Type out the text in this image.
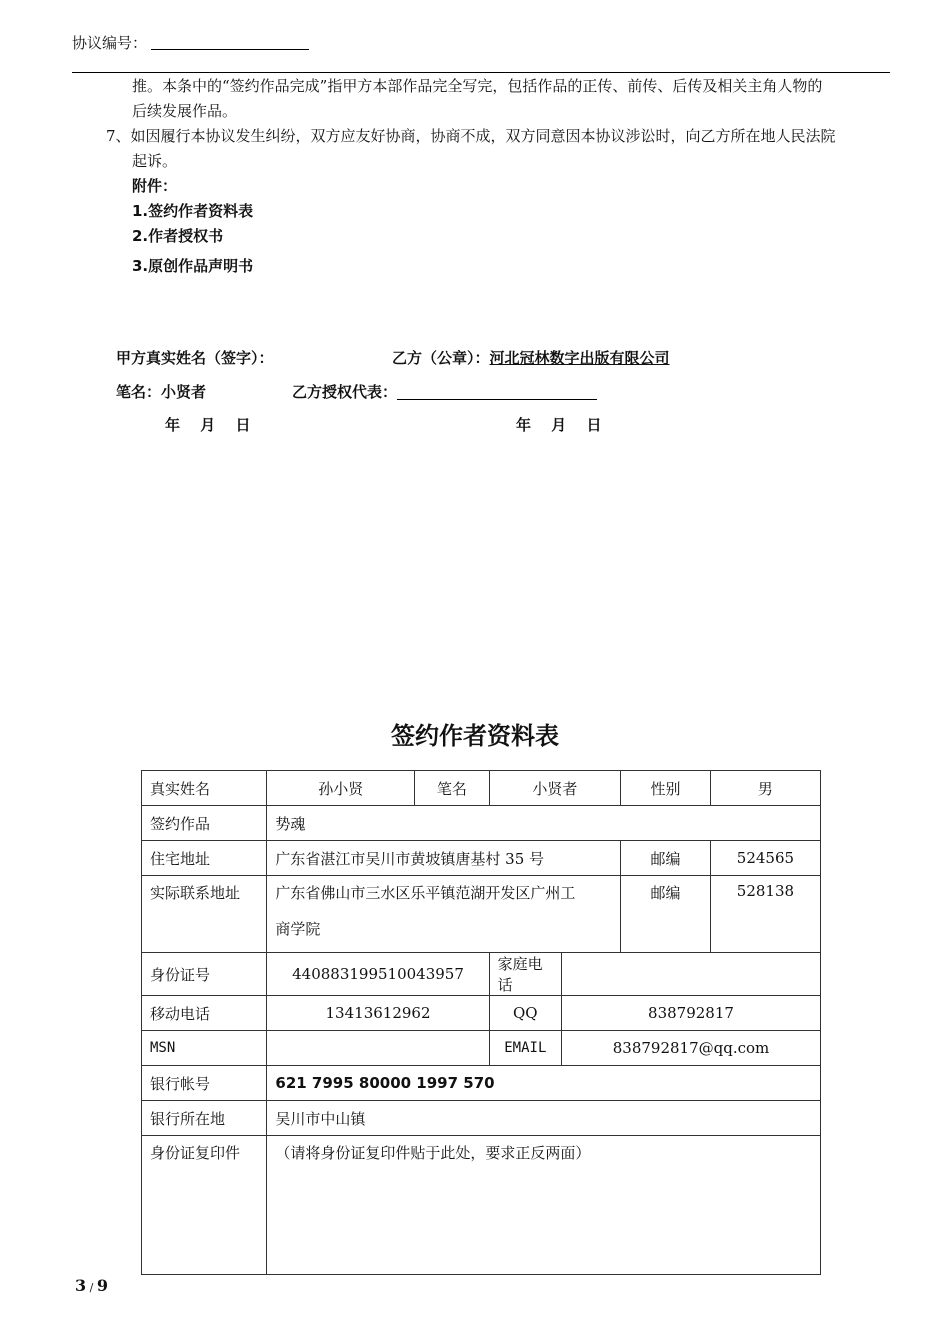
协议编号：
推。本条中的“签约作品完成”指甲方本部作品完全写完，包括作品的正传、前传、后传及相关主角人物的
后续发展作品。
7、如因履行本协议发生纠纷，双方应友好协商，协商不成，双方同意因本协议涉讼时，向乙方所在地人民法院
起诉。
附件：
1.签约作者资料表
2.作者授权书
3.原创作品声明书
甲方真实姓名（签字）：	乙方（公章）：河北冠林数字出版有限公司
笔名：小贤者	乙方授权代表：
年　 月　 日	年　 月　 日
签约作者资料表
真实姓名	孙小贤	笔名	小贤者		性别	男
签约作品	势魂					
住宅地址	广东省湛江市吴川市黄坡镇唐基村 35 号				邮编	524565
实际联系地址	广东省佛山市三水区乐平镇范湖开发区广州工
商学院				邮编	528138
身份证号	440883199510043957		家庭电话			
移动电话	13413612962		QQ	838792817		
MSN			EMAIL	838792817@qq.com		
银行帐号	621 7995 80000 1997 570					
银行所在地	吴川市中山镇					
身份证复印件	（请将身份证复印件贴于此处，要求正反两面）					
3 / 9
